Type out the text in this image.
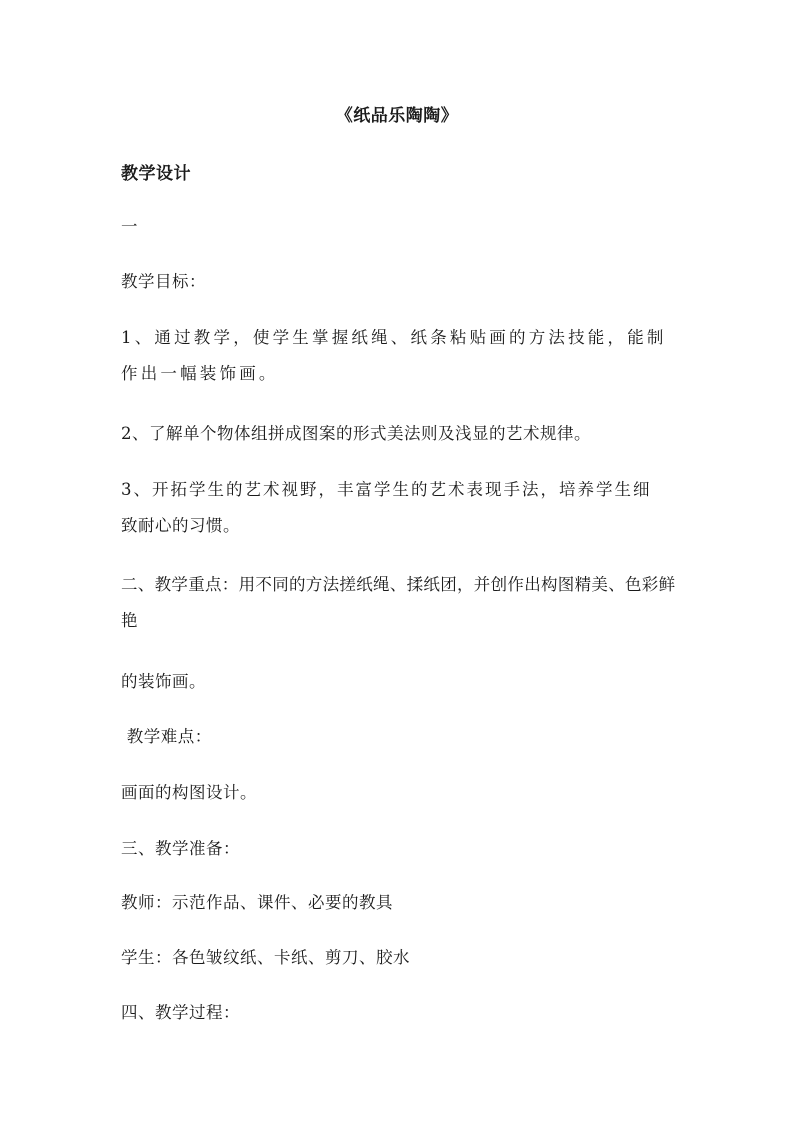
《纸品乐陶陶》
教学设计
一
教学目标：
1、通过教学，使学生掌握纸绳、纸条粘贴画的方法技能，能制
作出一幅装饰画。
2、了解单个物体组拼成图案的形式美法则及浅显的艺术规律。
3、开拓学生的艺术视野，丰富学生的艺术表现手法，培养学生细
致耐心的习惯。
二、教学重点：用不同的方法搓纸绳、揉纸团，并创作出构图精美、色彩鲜
艳
的装饰画。
教学难点：
画面的构图设计。
三、教学准备：
教师：示范作品、课件、必要的教具
学生：各色皱纹纸、卡纸、剪刀、胶水
四、教学过程：
